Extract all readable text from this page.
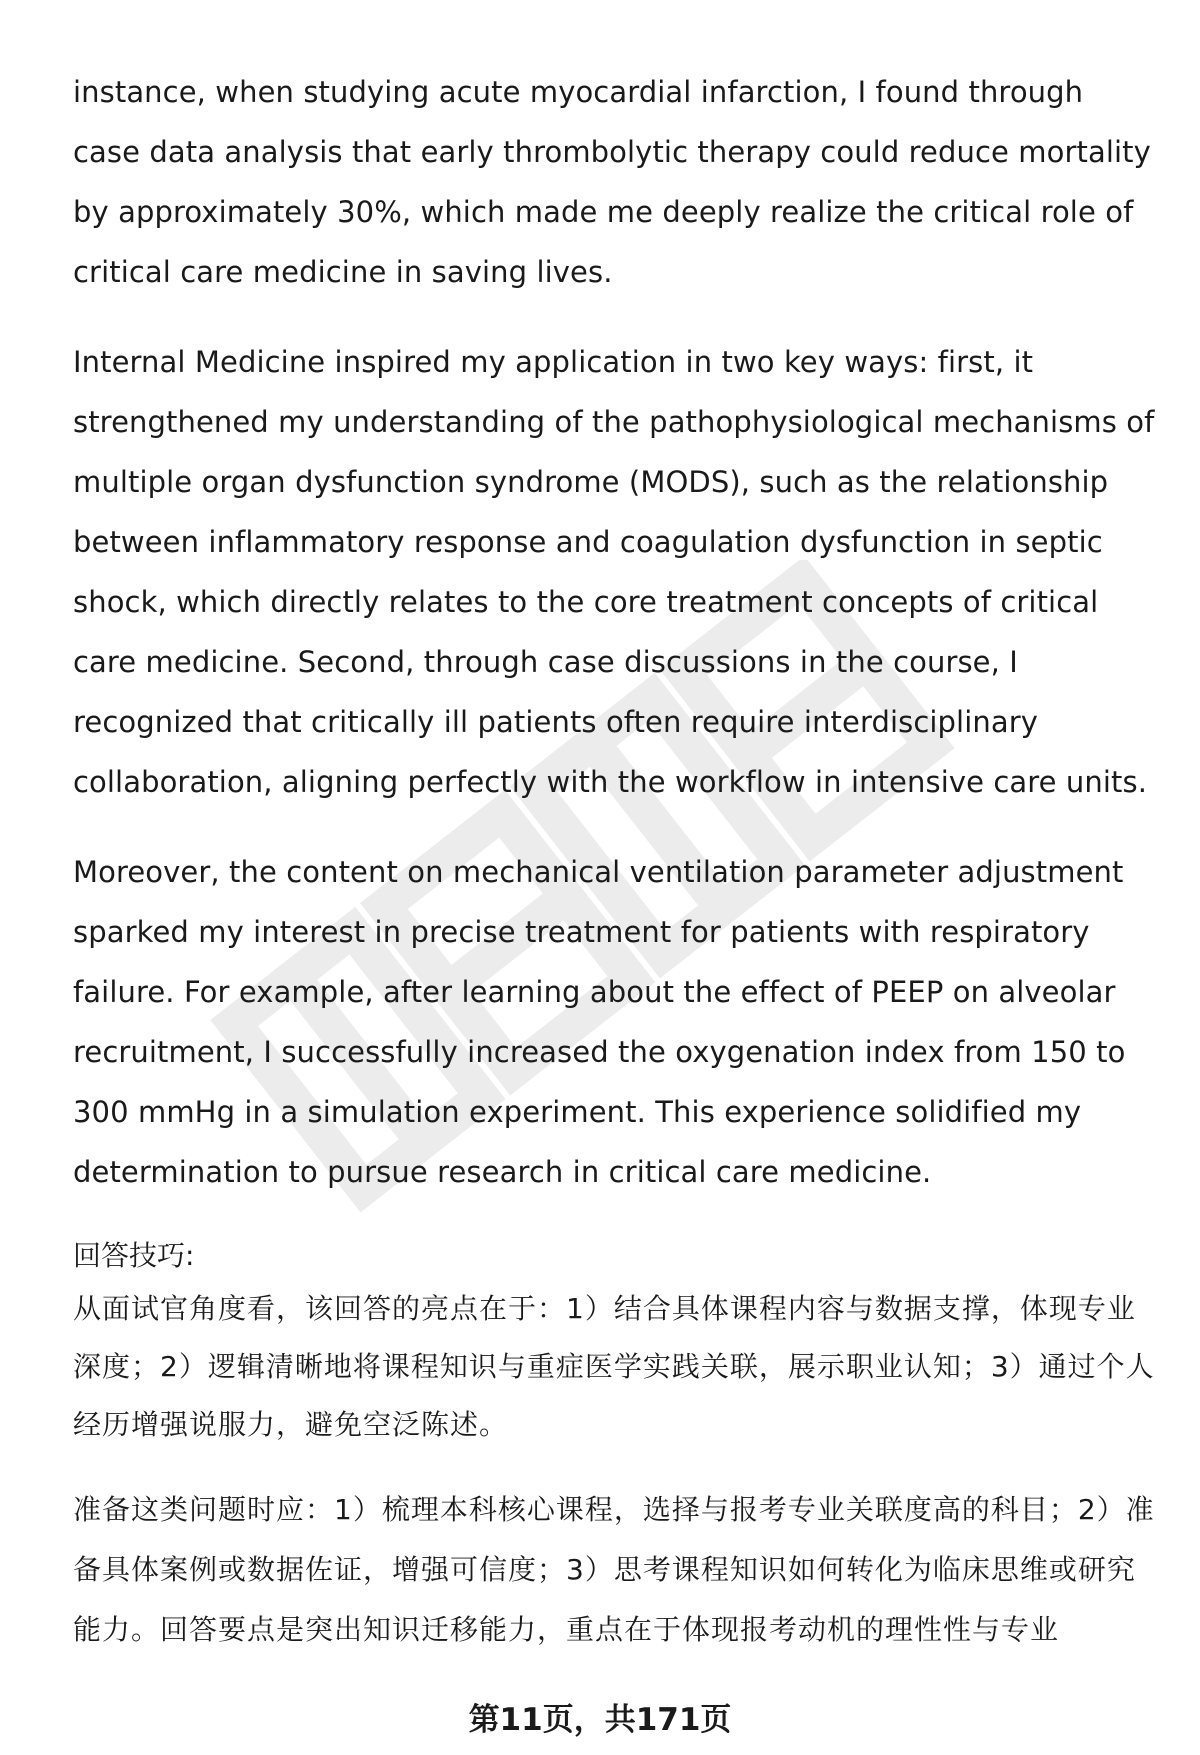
instance, when studying acute myocardial infarction, I found through case data analysis that early thrombolytic therapy could reduce mortality by approximately 30%, which made me deeply realize the critical role of critical care medicine in saving lives.

Internal Medicine inspired my application in two key ways: first, it strengthened my understanding of the pathophysiological mechanisms of multiple organ dysfunction syndrome (MODS), such as the relationship between inflammatory response and coagulation dysfunction in septic shock, which directly relates to the core treatment concepts of critical care medicine. Second, through case discussions in the course, I recognized that critically ill patients often require interdisciplinary collaboration, aligning perfectly with the workflow in intensive care units.

Moreover, the content on mechanical ventilation parameter adjustment sparked my interest in precise treatment for patients with respiratory failure. For example, after learning about the effect of PEEP on alveolar recruitment, I successfully increased the oxygenation index from 150 to 300 mmHg in a simulation experiment. This experience solidified my determination to pursue research in critical care medicine.

回答技巧:

从面试官角度看，该回答的亮点在于：1）结合具体课程内容与数据支撑，体现专业深度；2）逻辑清晰地将课程知识与重症医学实践关联，展示职业认知；3）通过个人经历增强说服力，避免空泛陈述。

准备这类问题时应：1）梳理本科核心课程，选择与报考专业关联度高的科目；2）准备具体案例或数据佐证，增强可信度；3）思考课程知识如何转化为临床思维或研究能力。回答要点是突出知识迁移能力，重点在于体现报考动机的理性性与专业

第11页，共171页
